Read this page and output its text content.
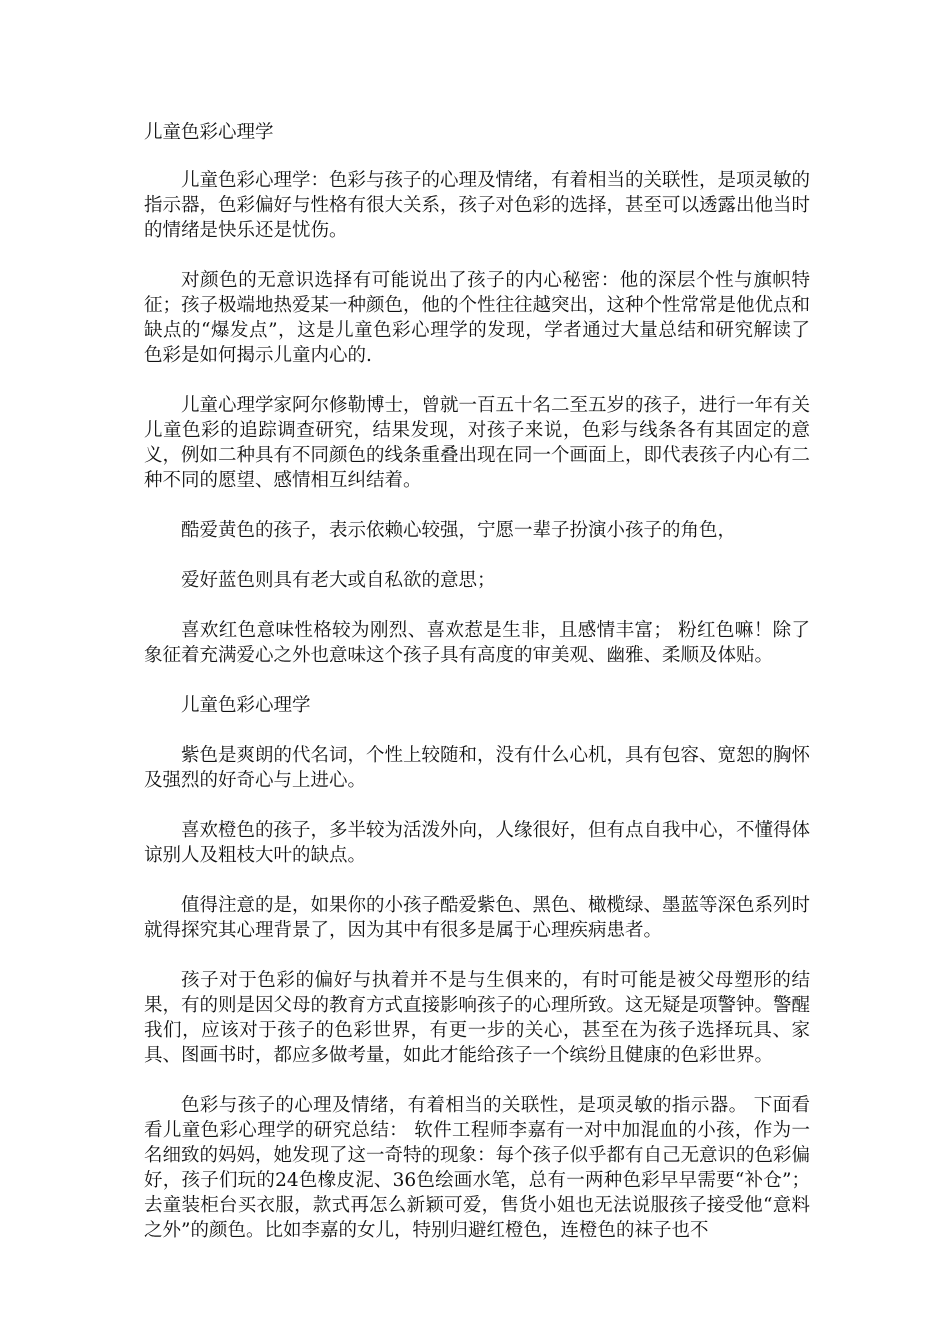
儿童色彩心理学

儿童色彩心理学：色彩与孩子的心理及情绪，有着相当的关联性，是项灵敏的指示器，色彩偏好与性格有很大关系，孩子对色彩的选择，甚至可以透露出他当时的情绪是快乐还是忧伤。

对颜色的无意识选择有可能说出了孩子的内心秘密：他的深层个性与旗帜特征；孩子极端地热爱某一种颜色，他的个性往往越突出，这种个性常常是他优点和缺点的“爆发点”，这是儿童色彩心理学的发现，学者通过大量总结和研究解读了色彩是如何揭示儿童内心的.

儿童心理学家阿尔修勒博士，曾就一百五十名二至五岁的孩子，进行一年有关儿童色彩的追踪调查研究，结果发现，对孩子来说，色彩与线条各有其固定的意义，例如二种具有不同颜色的线条重叠出现在同一个画面上，即代表孩子内心有二种不同的愿望、感情相互纠结着。

酷爱黄色的孩子，表示依赖心较强，宁愿一辈子扮演小孩子的角色，

爱好蓝色则具有老大或自私欲的意思；

喜欢红色意味性格较为刚烈、喜欢惹是生非，且感情丰富； 粉红色嘛！除了象征着充满爱心之外也意味这个孩子具有高度的审美观、幽雅、柔顺及体贴。

儿童色彩心理学

紫色是爽朗的代名词，个性上较随和，没有什么心机，具有包容、宽恕的胸怀及强烈的好奇心与上进心。

喜欢橙色的孩子，多半较为活泼外向，人缘很好，但有点自我中心，不懂得体谅别人及粗枝大叶的缺点。

值得注意的是，如果你的小孩子酷爱紫色、黑色、橄榄绿、墨蓝等深色系列时就得探究其心理背景了，因为其中有很多是属于心理疾病患者。

孩子对于色彩的偏好与执着并不是与生俱来的，有时可能是被父母塑形的结果，有的则是因父母的教育方式直接影响孩子的心理所致。这无疑是项警钟。警醒我们，应该对于孩子的色彩世界，有更一步的关心，甚至在为孩子选择玩具、家具、图画书时，都应多做考量，如此才能给孩子一个缤纷且健康的色彩世界。

色彩与孩子的心理及情绪，有着相当的关联性，是项灵敏的指示器。 下面看看儿童色彩心理学的研究总结： 软件工程师李嘉有一对中加混血的小孩，作为一名细致的妈妈，她发现了这一奇特的现象：每个孩子似乎都有自己无意识的色彩偏好，孩子们玩的24色橡皮泥、36色绘画水笔，总有一两种色彩早早需要“补仓”；去童装柜台买衣服，款式再怎么新颖可爱，售货小姐也无法说服孩子接受他“意料之外”的颜色。比如李嘉的女儿，特别归避红橙色，连橙色的袜子也不
